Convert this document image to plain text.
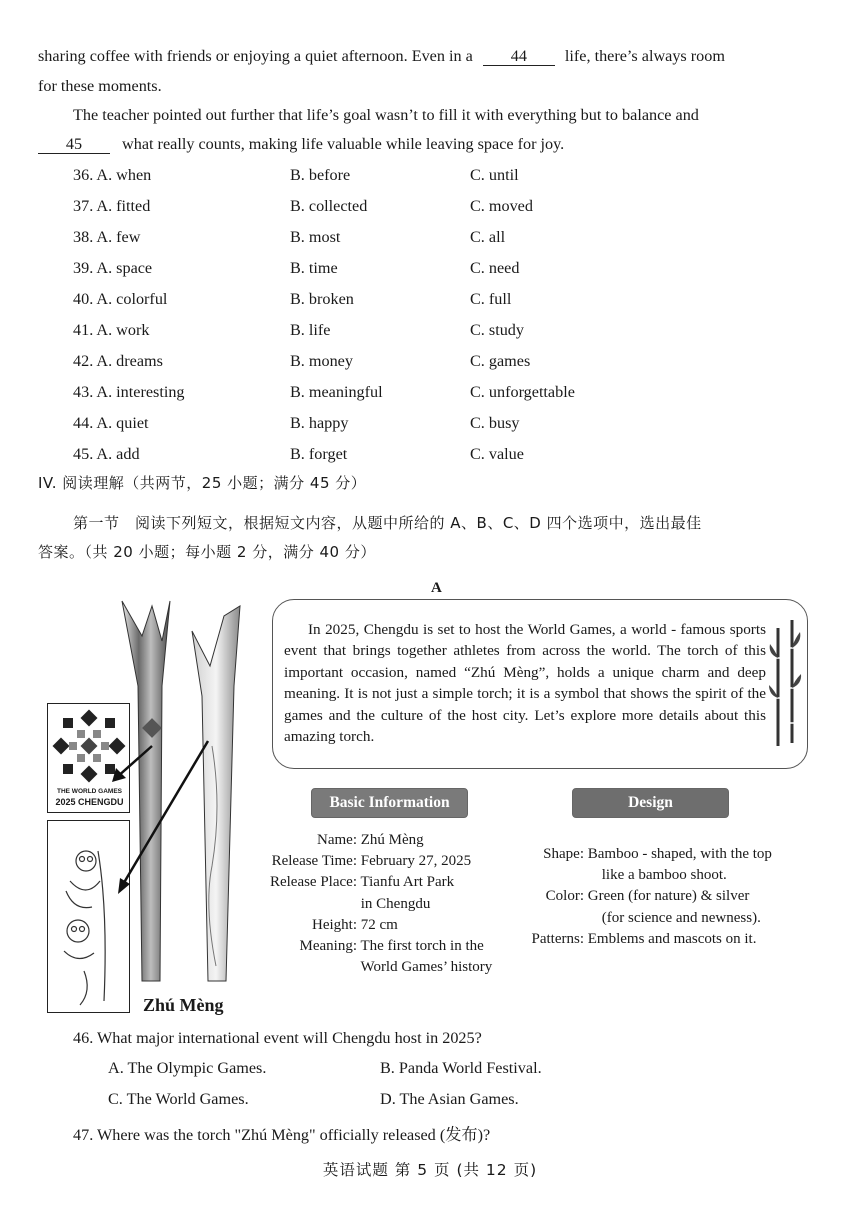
sharing coffee with friends or enjoying a quiet afternoon. Even in a 44 life, there’s always room
for these moments.
The teacher pointed out further that life’s goal wasn’t to fill it with everything but to balance and
45 what really counts, making life valuable while leaving space for joy.
36. A. when	B. before	C. until
37. A. fitted	B. collected	C. moved
38. A. few	B. most	C. all
39. A. space	B. time	C. need
40. A. colorful	B. broken	C. full
41. A. work	B. life	C. study
42. A. dreams	B. money	C. games
43. A. interesting	B. meaningful	C. unforgettable
44. A. quiet	B. happy	C. busy
45. A. add	B. forget	C. value
IV. 阅读理解（共两节，25 小题；满分 45 分）
第一节　阅读下列短文，根据短文内容，从题中所给的 A、B、C、D 四个选项中，选出最佳
答案。（共 20 小题；每小题 2 分，满分 40 分）
A
THE WORLD GAMES
2025 CHENGDU
Zhú Mèng
In 2025, Chengdu is set to host the World Games, a world - famous sports event that brings together athletes from across the world. The torch of this important occasion, named “Zhú Mèng”, holds a unique charm and deep meaning. It is not just a simple torch; it is a symbol that shows the spirit of the games and the culture of the host city. Let’s explore more details about this amazing torch.
Basic Information	Design
Name: Zhú Mèng
Release Time: February 27, 2025
Release Place: Tianfu Art Park
in Chengdu
Height: 72 cm
Meaning: The first torch in the
World Games’ history
Shape: Bamboo - shaped, with the top
like a bamboo shoot.
Color: Green (for nature) & silver
(for science and newness).
Patterns: Emblems and mascots on it.
46. What major international event will Chengdu host in 2025?
A. The Olympic Games.	B. Panda World Festival.
C. The World Games.	D. The Asian Games.
47. Where was the torch "Zhú Mèng" officially released (发布)?
英语试题 第 5 页 (共 12 页)
